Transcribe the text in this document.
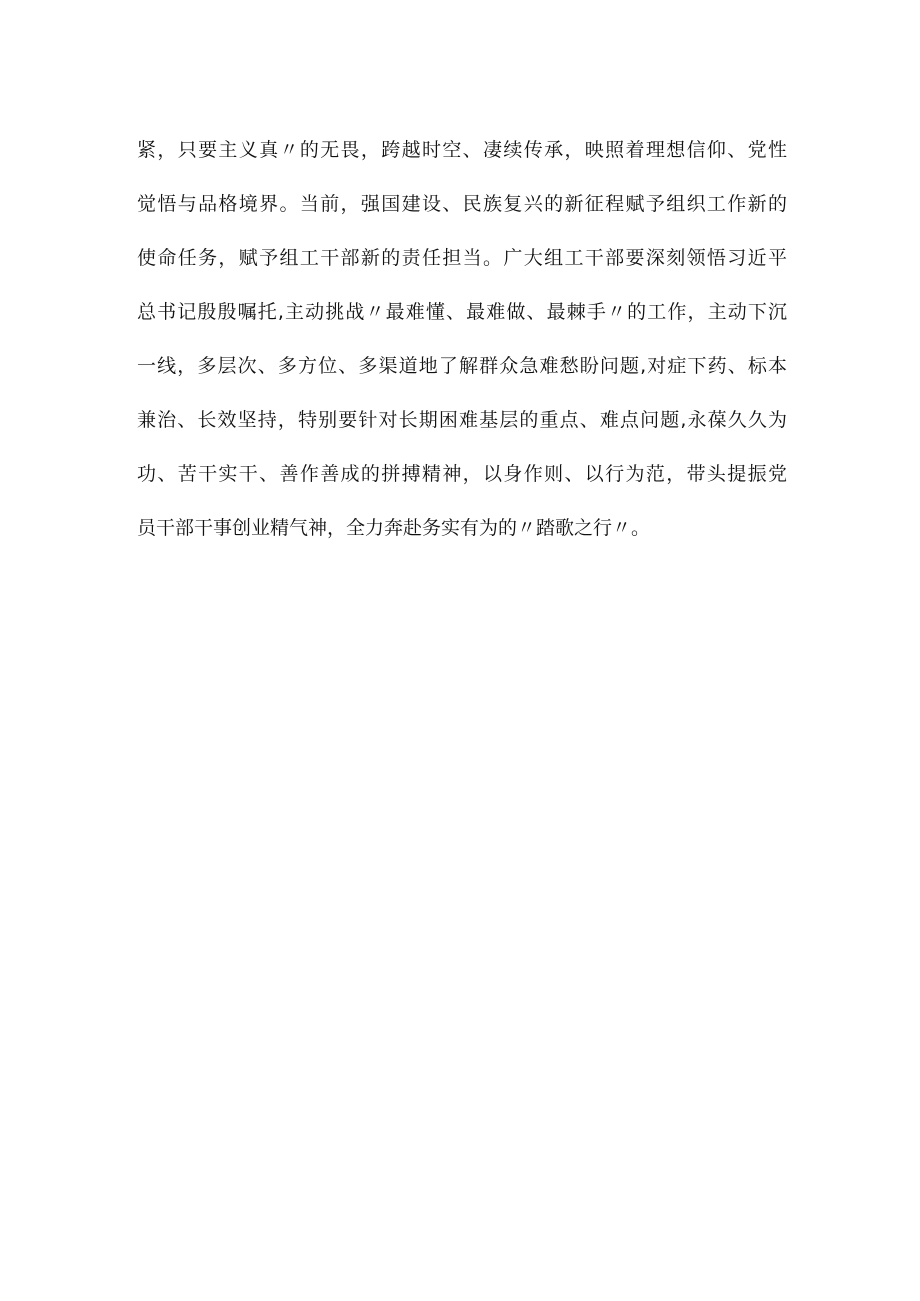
紧，只要主义真〃的无畏，跨越时空、凄续传承，映照着理想信仰、党性
觉悟与品格境界。当前，强国建设、民族复兴的新征程赋予组织工作新的
使命任务，赋予组工干部新的责任担当。广大组工干部要深刻领悟习近平
总书记殷殷嘱托,主动挑战〃最难懂、最难做、最棘手〃的工作，主动下沉
一线，多层次、多方位、多渠道地了解群众急难愁盼问题,对症下药、标本
兼治、长效坚持，特别要针对长期困难基层的重点、难点问题,永葆久久为
功、苦干实干、善作善成的拼搏精神，以身作则、以行为范，带头提振党
员干部干事创业精气神，全力奔赴务实有为的〃踏歌之行〃。
